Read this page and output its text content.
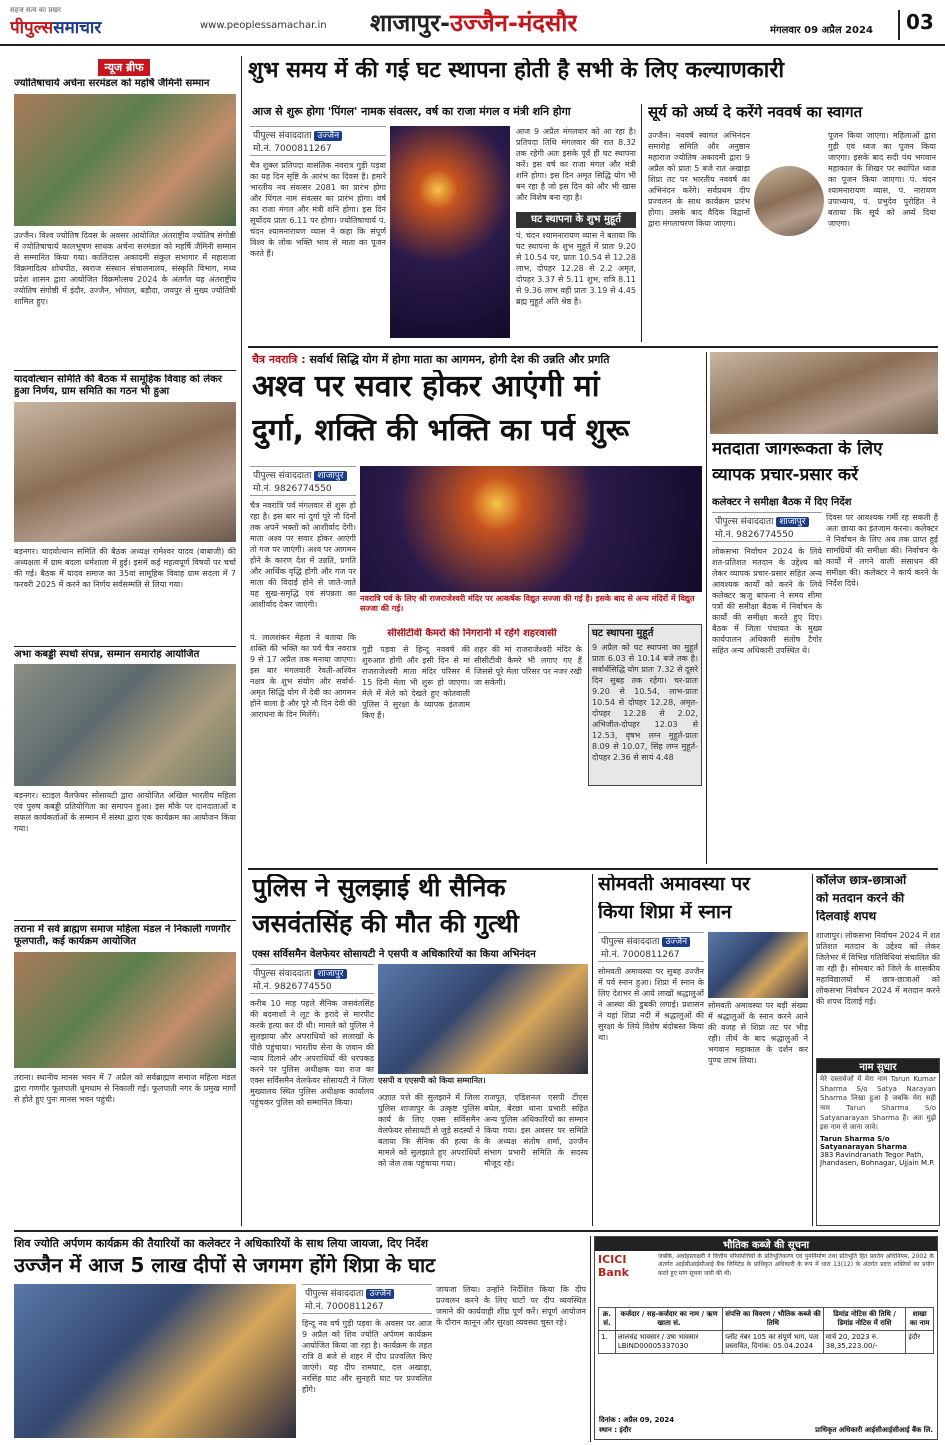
सहज सत्य का प्रखर
पीपुल्ससमाचार	www.peoplessamachar.in शाजापुर-उज्जैन-मंदसौर	मंगलवार 09 अप्रैल 2024	03
न्यूज ब्रीफ
ज्योतिषाचार्य अर्चना सरमंडल को महर्षि जैमिनी सम्मान
उज्जैन। विश्व ज्योतिष दिवस के अवसर आयोजित अंतराष्ट्रीय ज्योतिष संगोष्ठी में ज्योतिषाचार्य कालभूषण साधक अर्चना सरमंडल को महर्षि जैमिनी सम्मान से सम्मानित किया गया। कालिदास अकादमी संकुल सभागार में महाराजा विक्रमादित्य शोधपीठ, स्वराज संस्थान संचालनालय, संस्कृति विभाग, मध्य प्रदेश शासन द्वारा आयोजित विक्रमोत्सव 2024 के अंतर्गत यह अंतराष्ट्रीय ज्योतिष संगोष्ठी में इंदौर, उज्जैन, भोपाल, बड़ौदा, जयपुर से मुख्य ज्योतिषी शामिल हुए।
यादवोत्थान समिति की बैठक में सामूहिक विवाह को लेकर हुआ निर्णय, ग्राम समिति का गठन भी हुआ
बड़नगर। यादवोत्थान समिति की बैठक अध्यक्ष रामेश्वर यादव (बाबाजी) की अध्यक्षता में ग्राम बदला धर्मशाला में हुई। इसमें कई महत्वपूर्ण विषयों पर चर्चा की गई। बैठक में यादव समाज का 35वां सामूहिक विवाह ग्राम सदला में 7 फरवरी 2025 में करने का निर्णय सर्वसम्मति से लिया गया।
अभा कबड्डी स्पर्धा संपन्न, सम्मान समारोह आयोजित
बड़नगर। स्टाइल वैलफेयर सोसायटी द्वारा आयोजित अखिल भारतीय महिला एवं पुरुष कबड्डी प्रतियोगिता का समापन हुआ। इस मौके पर दानदाताओं व सफल कार्यकर्ताओं के सम्मान में संस्था द्वारा एक कार्यक्रम का आयोजन किया गया।
तराना में सर्व ब्राह्मण समाज महिला मंडल ने निकाली गणगौर फूलपाती, कई कार्यक्रम आयोजित
तराना। स्थानीय मानस भवन में 7 अप्रैल को सर्वब्राह्मण समाज महिला मंडल द्वारा गणगौर फूलपाती धूमधाम से निकाली गई। फूलपाती नगर के प्रमुख मार्गों से होते हुए पुनः मानस भवन पहुंची।
शुभ समय में की गई घट स्थापना होती है सभी के लिए कल्याणकारी
आज से शुरू होगा 'पिंगल' नामक संवत्सर, वर्ष का राजा मंगल व मंत्री शनि होगा
पीपुल्स संवाददाता उज्जैन
मो.नं. 7000811267
चैत्र शुक्ल प्रतिपदा वासंतिक नवरात्र गुड़ी पड़वा का यह दिन सृष्टि के आरंभ का दिवस है। हमारे भारतीय नव संवत्सर 2081 का प्रारंभ होगा और पिंगल नाम संवत्सर का प्रारंभ होगा। वर्ष का राजा मंगल और मंत्री शनि होगा। इस दिन सूर्योदय प्रातः 6.11 पर होगा। ज्योतिषाचार्य पं. चंदन श्यामनारायण व्यास ने कहा कि संपूर्ण विश्व के लोक भक्ति भाव से माता का पूजन करते हैं।
आज 9 अप्रैल मंगलवार को आ रहा है। प्रतिपदा तिथि मंगलवार की रात 8.32 तक रहेगी अतः इसके पूर्व ही घट स्थापना करें। इस वर्ष का राजा मंगल और मंत्री शनि होगा। इस दिन अमृत सिद्धि योग भी बन रहा है जो इस दिन को और भी खास और विशेष बना रहा है।
घट स्थापना के शुभ मुहूर्त
पं. चंदन श्यामनारायण व्यास ने बताया कि घट स्थापना के शुभ मुहूर्त में प्रातः 9.20 से 10.54 पर, प्रातः 10.54 से 12.28 लाभ, दोपहर 12.28 से 2.2 अमृत, दोपहर 3.37 से 5.11 शुभ, रात्रि 8.11 से 9.36 लाभ वहीं प्रातः 3.19 से 4.45 ब्रह्म मुहूर्त अति श्रेष्ठ है।
सूर्य को अर्घ्य दे करेंगे नववर्ष का स्वागत
उज्जैन। नववर्ष स्वागत अभिनंदन समारोह समिति और अनुष्ठान महाराज ज्योतिष अकादमी द्वारा 9 अप्रैल को प्रातः 5 बजे रात अखाड़ा शिप्रा तट पर भारतीय नववर्ष का अभिनंदन करेंगे। सर्वप्रथम दीप प्रज्वलन के साथ कार्यक्रम प्रारंभ होगा। उसके बाद वैदिक विद्वानों द्वारा मंगलाचरण किया जाएगा।
पूजन किया जाएगा। महिलाओं द्वारा गुड़ी एवं ध्वज का पूजन किया जाएगा। इसके बाद सदी पंथ भगवान महाकाल के शिखर पर स्थापित ध्वज का पूजन किया जाएगा। पं. चंदन श्यामनारायण व्यास, पं. नारायण उपाध्याय, पं. प्रभुदेव पुरोहित ने बताया कि सूर्य को अर्घ्य दिया जाएगा।
चैत्र नवरात्रि : सर्वार्थ सिद्धि योग में होगा माता का आगमन, होगी देश की उन्नति और प्रगति
अश्व पर सवार होकर आएंगी मां
दुर्गा, शक्ति की भक्ति का पर्व शुरू
पीपुल्स संवाददाता शाजापुर
मो.नं. 9826774550
चैत्र नवरात्रि पर्व मंगलवार से शुरू हो रहा है। इस बार मां दुर्गा पूरे नौ दिनों तक अपने भक्तों को आशीर्वाद देंगी। माता अश्व पर सवार होकर आएंगी तो गज पर जाएंगी। अश्व पर आगमन होने के कारण देश में उन्नति, प्रगति और आर्थिक वृद्धि होगी और गज पर माता की विदाई होने से जाते-जाते यह सुख-समृद्धि एवं संपन्नता का आशीर्वाद देकर जाएंगी।
पं. लालशंकर मेहता ने बताया कि शक्ति की भक्ति का पर्व चैत्र नवरात्र 9 से 17 अप्रैल तक मनाया जाएगा। इस बार मंगलवारी रेवती-अश्विन नक्षत्र के शुभ संयोग और सर्वार्थ-अमृत सिद्धि योग में देवी का आगमन होने वाला है और पूरे नौ दिन देवी की आराधना के दिन मिलेंगे।
नवरात्रि पर्व के लिए श्री राजराजेश्वरी मंदिर पर आकर्षक विद्युत सज्जा की गई है। इसके बाद से अन्य मंदिरों में विद्युत सज्जा की गई।
सीसीटीवी कैमरों की निगरानी में रहेंगे शहरवासी
गुड़ी पड़वा से हिन्दू नववर्ष की शुरुआत होगी और इसी दिन से मां राजराजेश्वरी माता मंदिर परिसर में 15 दिनी मेला भी शुरू हो जाएगा। मेले में मेले को देखते हुए कोतवाली पुलिस ने सुरक्षा के व्यापक इंतजाम किए हैं।
शहर की मां राजराजेश्वरी मंदिर के सीसीटीवी कैमरे भी लगाए गए हैं जिससे पूरे मेला परिसर पर नजर रखी जा सकेगी।
घट स्थापना मुहूर्त
9 अप्रैल को घट स्थापना का मुहूर्त प्रातः 6.03 से 10.14 बजे तक है। सर्वार्थसिद्धि योग प्रातः 7.32 से दूसरे दिन सुबह तक रहेगा। चर-प्रातः 9.20 से 10.54, लाभ-प्रातः 10.54 से दोपहर 12.28, अमृत-दोपहर 12.28 से 2.02, अभिजीत-दोपहर 12.03 से 12.53, वृषभ लग्न मुहूर्त-प्रातः 8.09 से 10.07, सिंह लग्न मुहूर्त-दोपहर 2.36 से सायं 4.48
मतदाता जागरूकता के लिए
व्यापक प्रचार-प्रसार करें
कलेक्टर ने समीक्षा बैठक में दिए निर्देश
पीपुल्स संवाददाता शाजापुर
मो.नं. 9826774550
लोकसभा निर्वाचन 2024 के लिये शत-प्रतिशत मतदान के उद्देश्य को लेकर व्यापक प्रचार-प्रसार सहित अन्य आवश्यक कार्यों को करने के लिये कलेक्टर ऋजु बाफना ने समय सीमा पत्रों की समीक्षा बैठक में निर्वाचन के कार्यों की समीक्षा करते हुए दिए। बैठक में जिला पंचायत के मुख्य कार्यपालन अधिकारी संतोष टैगोर सहित अन्य अधिकारी उपस्थित थे।
दिवस पर आवश्यक गर्मी रह सकती है अतः छाया का इंतजाम करना। कलेक्टर ने निर्वाचन के लिए अब तक प्राप्त हुई सामग्रियों की समीक्षा की। निर्वाचन के कार्यों में लगने वाली संसाधन की समीक्षा की। कलेक्टर ने कार्य करने के निर्देश दिये।
पुलिस ने सुलझाई थी सैनिक
जसवंतसिंह की मौत की गुत्थी
एक्स सर्विसमैन वेलफेयर सोसायटी ने एसपी व अधिकारियों का किया अभिनंदन
पीपुल्स संवाददाता शाजापुर
मो.नं. 9826774550
करीब 10 माह पहले सैनिक जसवंतसिंह की बदमाशों ने लूट के इरादे से मारपीट करके हत्या कर दी थी। मामले को पुलिस ने सुलझाया और अपराधियों को सलाखों के पीछे पहुंचाया। भारतीय सेना के जवान की न्याय दिलाने और अपराधियों की धरपकड़ करने पर पुलिस अधीक्षक यश राज का एक्स सर्विसमैन वेलफेयर सोसायटी ने जिला मुख्यालय स्थित पुलिस अधीक्षक कार्यालय पहुंचकर पुलिस को सम्मानित किया।
एसपी व एएसपी को किया सम्मानित।
अज्ञात पत्ते की सुलझाने में जिला पुलिस शाजापुर के उत्कृष्ट पुलिस कार्य के लिए एक्स सर्विसमैन वेलफेयर सोसायटी से जुड़े सदस्यों ने बताया कि सैनिक की हत्या के मामले को सुलझाते हुए अपराधियों को जेल तक पहुंचाया गया।
राजपूत, एडिशनल एसपी टीएस बघेल, बेरछा थाना प्रभारी सहित अन्य पुलिस अधिकारियों का सम्मान किया गया। इस अवसर पर समिति के अध्यक्ष संतोष शर्मा, उज्जैन संभाग प्रभारी समिति के सदस्य मौजूद रहे।
सोमवती अमावस्या पर
किया शिप्रा में स्नान
पीपुल्स संवाददाता उज्जैन
मो.नं. 7000811267
सोमवती अमावस्या पर सुबह उज्जैन में पर्व स्नान हुआ। शिप्रा में स्नान के लिए देशभर से आये लाखों श्रद्धालुओं ने आस्था की डुबकी लगाई। प्रशासन ने यहां शिप्रा नदी में श्रद्धालुओं की सुरक्षा के लिये विशेष बंदोबस्त किया था।
सोमवती अमावस्या पर बड़ी संख्या में श्रद्धालुओं के स्नान करने आने की वजह से शिप्रा तट पर भीड़ रही। तीर्थ के बाद श्रद्धालुओं ने भगवान महाकाल के दर्शन कर पुण्य लाभ लिया।
कॉलेज छात्र-छात्राओं
को मतदान करने की
दिलवाई शपथ
शाजापुर। लोकसभा निर्वाचन 2024 में शत प्रतिशत मतदान के उद्देश्य को लेकर जिलेभर में विभिन्न गतिविधियां संचालित की जा रही हैं। सोमवार को जिले के शासकीय महाविद्यालयों में छात्र-छात्राओं को लोकसभा निर्वाचन 2024 में मतदान करने की शपथ दिलाई गई।
नाम सुधार
मेरे दस्तावेजों में मेरा नाम Tarun Kumar Sharma S/o Satya Narayan Sharma लिखा हुआ है जबकि मेरा सही नाम Tarun Sharma S/o Satyanarayan Sharma है। अतः मुझे इस नाम से जाना जावे।
Tarun Sharma S/o Satyanarayan Sharma
383 Ravindranath Tegor Path, Jhandasen, Bohnagar, Ujjain M.P.
शिव ज्योति अर्पणम कार्यक्रम की तैयारियों का कलेक्टर ने अधिकारियों के साथ लिया जायजा, दिए निर्देश
उज्जैन में आज 5 लाख दीपों से जगमग होंगे शिप्रा के घाट
पीपुल्स संवाददाता उज्जैन
मो.नं. 7000811267
हिन्दू नव वर्ष गुड़ी पड़वा के अवसर पर आज 9 अप्रैल को शिव ज्योति अर्पणम कार्यक्रम आयोजित किया जा रहा है। कार्यक्रम के तहत रात्रि 8 बजे से शहर में दीप प्रज्वलित किए जाएंगे। यह दीप रामघाट, दत्त अखाड़ा, नरसिंह घाट और सुनहरी घाट पर प्रज्वलित होंगे।
जायजा लिया। उन्होंने निर्देशित किया कि दीप प्रज्वलन करने के लिए घाटों पर दीप व्यवस्थित जमाने की कार्यवाही शीघ्र पूर्ण करें। संपूर्ण आयोजन के दौरान कानून और सुरक्षा व्यवस्था चुस्त रहे।
भौतिक कब्जे की सूचना
ICICI Bank
जबकि, अधोहस्ताक्षरी ने वित्तीय परिसंपत्तियों के प्रतिभूतिकरण एवं पुनर्निर्माण तथा प्रतिभूति हित प्रवर्तन अधिनियम, 2002 के अंतर्गत आईसीआईसीआई बैंक लिमिटेड के प्राधिकृत अधिकारी के रूप में धारा 13(12) के अंतर्गत प्रदत्त शक्तियों का प्रयोग करते हुए मांग सूचना जारी की थी।
क्र. सं.	कर्जदार / सह-कर्जदार का नाम / ऋण खाता सं.	संपत्ति का विवरण / भौतिक कब्जे की तिथि	डिमांड नोटिस की तिथि / डिमांड नोटिस में राशि	शाखा का नाम
1.	लालचंद्र भावसार / उषा भावसार LBIND00005337030	प्लॉट नंबर 105 का संपूर्ण भाग, पता प्रस्तावित, दिनांक: 05.04.2024	मार्च 20, 2023 रु. 38,35,223.00/-	इंदौर
दिनांक : अप्रैल 09, 2024
स्थान : इंदौर	प्राधिकृत अधिकारी आईसीआईसीआई बैंक लि.
